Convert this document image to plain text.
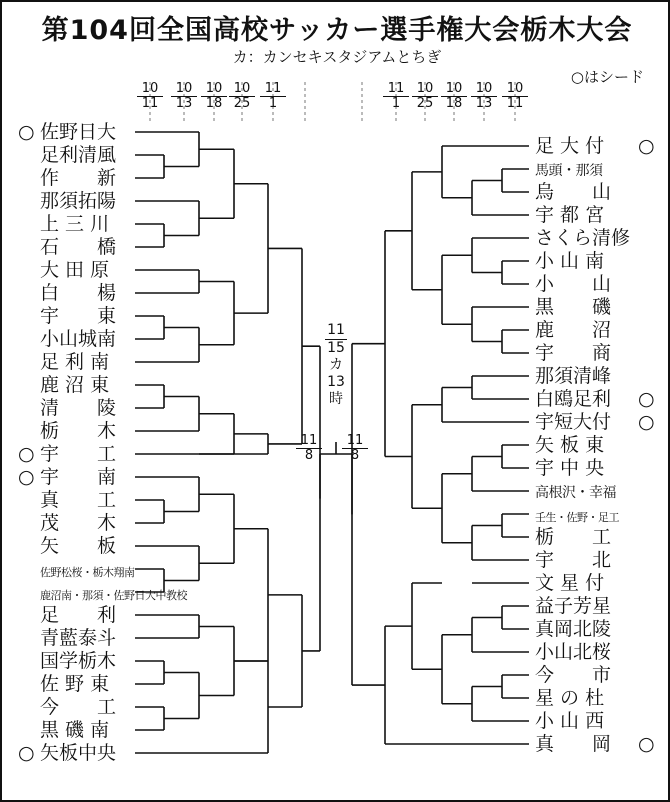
第104回全国高校サッカー選手権大会栃木大会
カ：カンセキスタジアムとちぎ
○はシード
○ 佐野日大
足利清風
作　　新
那須拓陽
上 三 川
石　　橋
大 田 原
白　　楊
宇　　東
小山城南
足 利 南
鹿 沼 東
清　　陵
栃　　木
○ 宇　　工
○ 宇　　南
真　　工
茂　　木
矢　　板
佐野松桜・栃木翔南
鹿沼南・那須・佐野日大中教校
足　　利
青藍泰斗
国学栃木
佐 野 東
今　　工
黒 磯 南
○ 矢板中央
○
足 大 付
馬頭・那須
烏　　山
宇 都 宮
さくら清修
小 山 南
小　　山
黒　　磯
鹿　　沼
宇　　商
那須清峰
○
白鴎足利
○
宇短大付
矢 板 東
宇 中 央
高根沢・幸福
壬生・佐野・足工
栃　　工
宇　　北
文 星 付
益子芳星
真岡北陵
小山北桜
今　　市
星 の 杜
小 山 西
○
真　　岡
$\frac{10}{11} \frac{10}{13} \frac{10}{18} \frac{10}{25} \frac{11}{1}$	$\frac{11}{1} \frac{10}{25} \frac{10}{18} \frac{10}{13} \frac{10}{11}$
$\frac{11}{8} \frac{11}{8}$
11
15
カ
13
時
